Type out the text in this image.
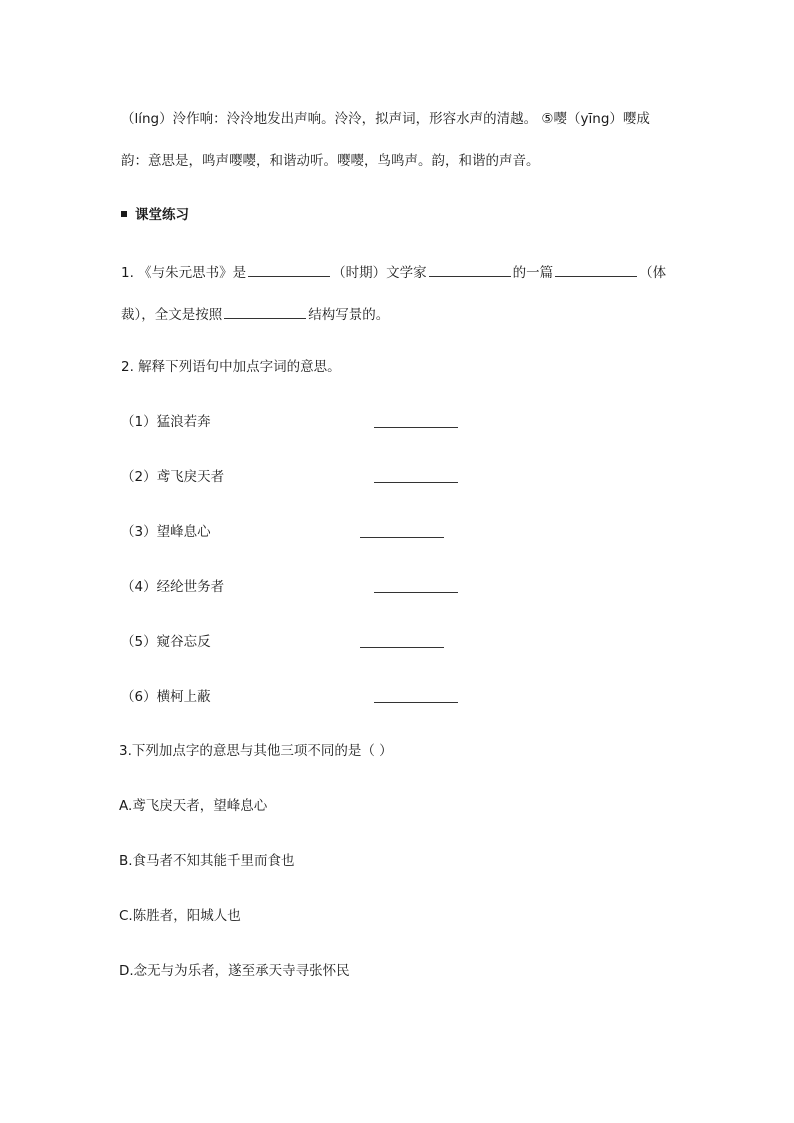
（líng）泠作响：泠泠地发出声响。泠泠，拟声词，形容水声的清越。 ⑤嘤（yīng）嘤成
韵：意思是，鸣声嘤嘤，和谐动听。嘤嘤，鸟鸣声。韵，和谐的声音。
课堂练习
1. 《与朱元思书》是	（时期）文学家	的一篇	（体
裁），全文是按照	结构写景的。
2. 解释下列语句中加点字词的意思。
（1）猛浪若奔
（2）鸢飞戾天者
（3）望峰息心
（4）经纶世务者
（5）窥谷忘反
（6）横柯上蔽
3.下列加点字的意思与其他三项不同的是（ ）
A.鸢飞戾天者，望峰息心
B.食马者不知其能千里而食也
C.陈胜者，阳城人也
D.念无与为乐者，遂至承天寺寻张怀民
